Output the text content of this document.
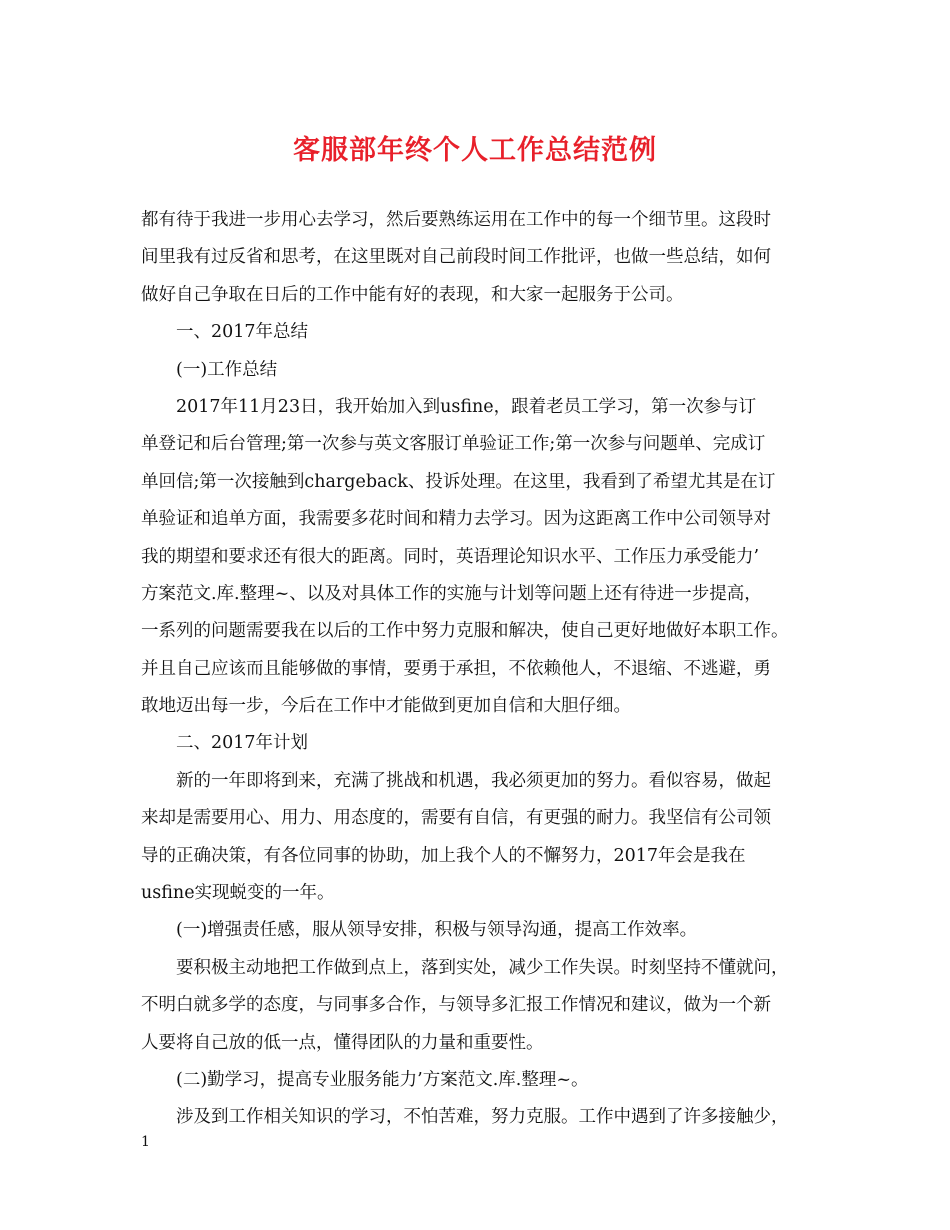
客服部年终个人工作总结范例
都有待于我进一步用心去学习，然后要熟练运用在工作中的每一个细节里。这段时
间里我有过反省和思考，在这里既对自己前段时间工作批评，也做一些总结，如何
做好自己争取在日后的工作中能有好的表现，和大家一起服务于公司。
一、2017年总结
(一)工作总结
2017年11月23日，我开始加入到usfine，跟着老员工学习，第一次参与订
单登记和后台管理;第一次参与英文客服订单验证工作;第一次参与问题单、完成订
单回信;第一次接触到chargeback、投诉处理。在这里，我看到了希望尤其是在订
单验证和追单方面，我需要多花时间和精力去学习。因为这距离工作中公司领导对
我的期望和要求还有很大的距离。同时，英语理论知识水平、工作压力承受能力’
方案范文.库.整理~、以及对具体工作的实施与计划等问题上还有待进一步提高，
一系列的问题需要我在以后的工作中努力克服和解决，使自己更好地做好本职工作。
并且自己应该而且能够做的事情，要勇于承担，不依赖他人，不退缩、不逃避，勇
敢地迈出每一步，今后在工作中才能做到更加自信和大胆仔细。
二、2017年计划
新的一年即将到来，充满了挑战和机遇，我必须更加的努力。看似容易，做起
来却是需要用心、用力、用态度的，需要有自信，有更强的耐力。我坚信有公司领
导的正确决策，有各位同事的协助，加上我个人的不懈努力，2017年会是我在
usfine实现蜕变的一年。
(一)增强责任感，服从领导安排，积极与领导沟通，提高工作效率。
要积极主动地把工作做到点上，落到实处，减少工作失误。时刻坚持不懂就问，
不明白就多学的态度，与同事多合作，与领导多汇报工作情况和建议，做为一个新
人要将自己放的低一点，懂得团队的力量和重要性。
(二)勤学习，提高专业服务能力’方案范文.库.整理~。
涉及到工作相关知识的学习，不怕苦难，努力克服。工作中遇到了许多接触少，
1
